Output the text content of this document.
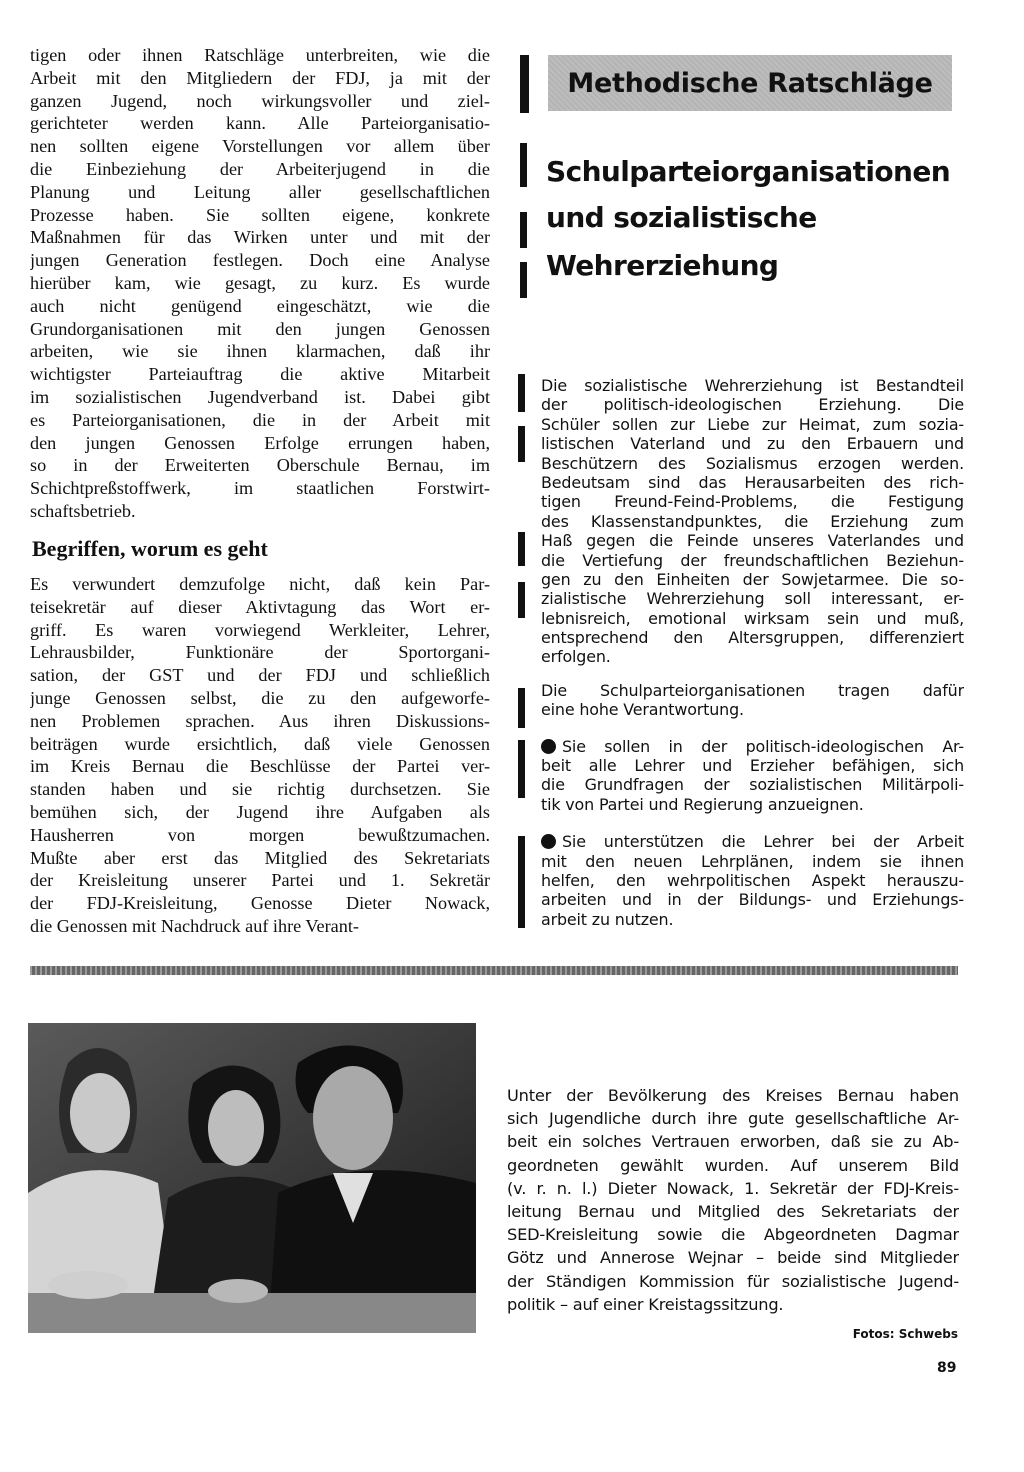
tigen oder ihnen Ratschläge unterbreiten, wie die
Arbeit mit den Mitgliedern der FDJ, ja mit der
ganzen Jugend, noch wirkungsvoller und ziel-
gerichteter werden kann. Alle Parteiorganisatio-
nen sollten eigene Vorstellungen vor allem über
die Einbeziehung der Arbeiterjugend in die
Planung und Leitung aller gesellschaftlichen
Prozesse haben. Sie sollten eigene, konkrete
Maßnahmen für das Wirken unter und mit der
jungen Generation festlegen. Doch eine Analyse
hierüber kam, wie gesagt, zu kurz. Es wurde
auch nicht genügend eingeschätzt, wie die
Grundorganisationen mit den jungen Genossen
arbeiten, wie sie ihnen klarmachen, daß ihr
wichtigster Parteiauftrag die aktive Mitarbeit
im sozialistischen Jugendverband ist. Dabei gibt
es Parteiorganisationen, die in der Arbeit mit
den jungen Genossen Erfolge errungen haben,
so in der Erweiterten Oberschule Bernau, im
Schichtpreßstoffwerk, im staatlichen Forstwirt-
schaftsbetrieb.
Begriffen, worum es geht
Es verwundert demzufolge nicht, daß kein Par-
teisekretär auf dieser Aktivtagung das Wort er-
griff. Es waren vorwiegend Werkleiter, Lehrer,
Lehrausbilder, Funktionäre der Sportorgani-
sation, der GST und der FDJ und schließlich
junge Genossen selbst, die zu den aufgeworfe-
nen Problemen sprachen. Aus ihren Diskussions-
beiträgen wurde ersichtlich, daß viele Genossen
im Kreis Bernau die Beschlüsse der Partei ver-
standen haben und sie richtig durchsetzen. Sie
bemühen sich, der Jugend ihre Aufgaben als
Hausherren von morgen bewußtzumachen.
Mußte aber erst das Mitglied des Sekretariats
der Kreisleitung unserer Partei und 1. Sekretär
der FDJ-Kreisleitung, Genosse Dieter Nowack,
die Genossen mit Nachdruck auf ihre Verant-
Methodische Ratschläge
Schulparteiorganisationen
und sozialistische
Wehrerziehung
Die sozialistische Wehrerziehung ist Bestandteil
der politisch-ideologischen Erziehung. Die
Schüler sollen zur Liebe zur Heimat, zum sozia-
listischen Vaterland und zu den Erbauern und
Beschützern des Sozialismus erzogen werden.
Bedeutsam sind das Herausarbeiten des rich-
tigen Freund-Feind-Problems, die Festigung
des Klassenstandpunktes, die Erziehung zum
Haß gegen die Feinde unseres Vaterlandes und
die Vertiefung der freundschaftlichen Beziehun-
gen zu den Einheiten der Sowjetarmee. Die so-
zialistische Wehrerziehung soll interessant, er-
lebnisreich, emotional wirksam sein und muß,
entsprechend den Altersgruppen, differenziert
erfolgen.
Die Schulparteiorganisationen tragen dafür
eine hohe Verantwortung.
Sie sollen in der politisch-ideologischen Ar-
beit alle Lehrer und Erzieher befähigen, sich
die Grundfragen der sozialistischen Militärpoli-
tik von Partei und Regierung anzueignen.
Sie unterstützen die Lehrer bei der Arbeit
mit den neuen Lehrplänen, indem sie ihnen
helfen, den wehrpolitischen Aspekt herauszu-
arbeiten und in der Bildungs- und Erziehungs-
arbeit zu nutzen.
Unter der Bevölkerung des Kreises Bernau haben
sich Jugendliche durch ihre gute gesellschaftliche Ar-
beit ein solches Vertrauen erworben, daß sie zu Ab-
geordneten gewählt wurden. Auf unserem Bild
(v. r. n. l.) Dieter Nowack, 1. Sekretär der FDJ-Kreis-
leitung Bernau und Mitglied des Sekretariats der
SED-Kreisleitung sowie die Abgeordneten Dagmar
Götz und Annerose Wejnar – beide sind Mitglieder
der Ständigen Kommission für sozialistische Jugend-
politik – auf einer Kreistagssitzung.
Fotos: Schwebs
89
